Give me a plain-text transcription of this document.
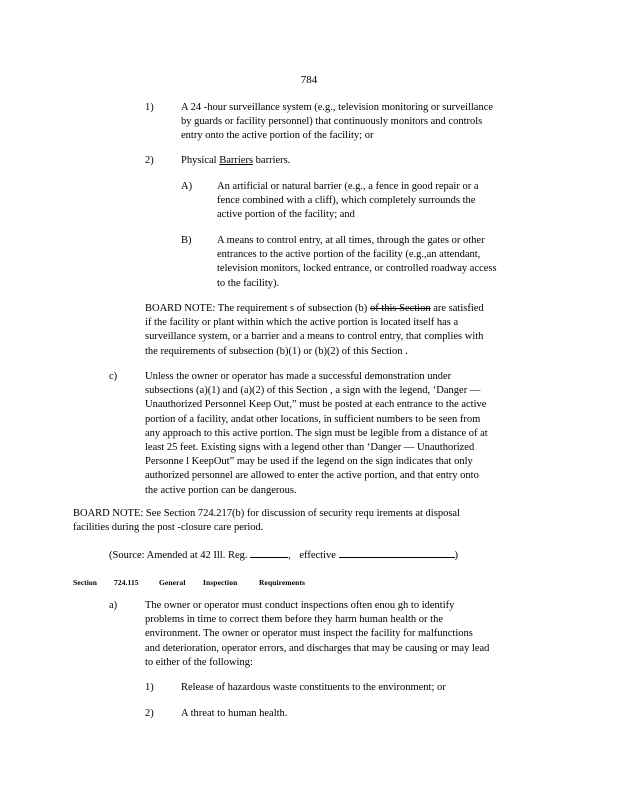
784
1)	A 24 -hour surveillance system (e.g., television monitoring or surveillance
by guards or facility personnel) that continuously monitors and controls
entry onto the active portion of the facility; or
2)	Physical Barriers barriers.
A)	An artificial or natural barrier (e.g., a fence in good repair or a
fence combined with a cliff), which completely surrounds the
active portion of the facility; and
B)	A means to control entry, at all times, through the gates or other
entrances to the active portion of the facility (e.g.,an attendant,
television monitors, locked entrance, or controlled roadway access
to the facility).
BOARD NOTE: The requirement s of subsection (b) of this Section are satisfied
if the facility or plant within which the active portion is located itself has a
surveillance system, or a barrier and a means to control entry, that complies with
the requirements of subsection (b)(1) or (b)(2) of this Section .
c)	Unless the owner or operator has made a successful demonstration under
subsections (a)(1) and (a)(2) of this Section , a sign with the legend, ‘Danger —
Unauthorized Personnel Keep Out,” must be posted at each entrance to the active
portion of a facility, andat other locations, in sufficient numbers to be seen from
any approach to this active portion. The sign must be legible from a distance of at
least 25 feet. Existing signs with a legend other than ‘Danger — Unauthorized
Personne l KeepOut” may be used if the legend on the sign indicates that only
authorized personnel are allowed to enter the active portion, and that entry onto
the active portion can be dangerous.
BOARD NOTE: See Section 724.217(b) for discussion of security requ irements at disposal
facilities during the post -closure care period.
(Source: Amended at 42 Ill. Reg.	, effective	)
Section 724.115	General Inspection	Requirements
a)	The owner or operator must conduct inspections often enou gh to identify
problems in time to correct them before they harm human health or the
environment. The owner or operator must inspect the facility for malfunctions
and deterioration, operator errors, and discharges that may be causing or may lead
to either of the following:
1)	Release of hazardous waste constituents to the environment; or
2)	A threat to human health.
